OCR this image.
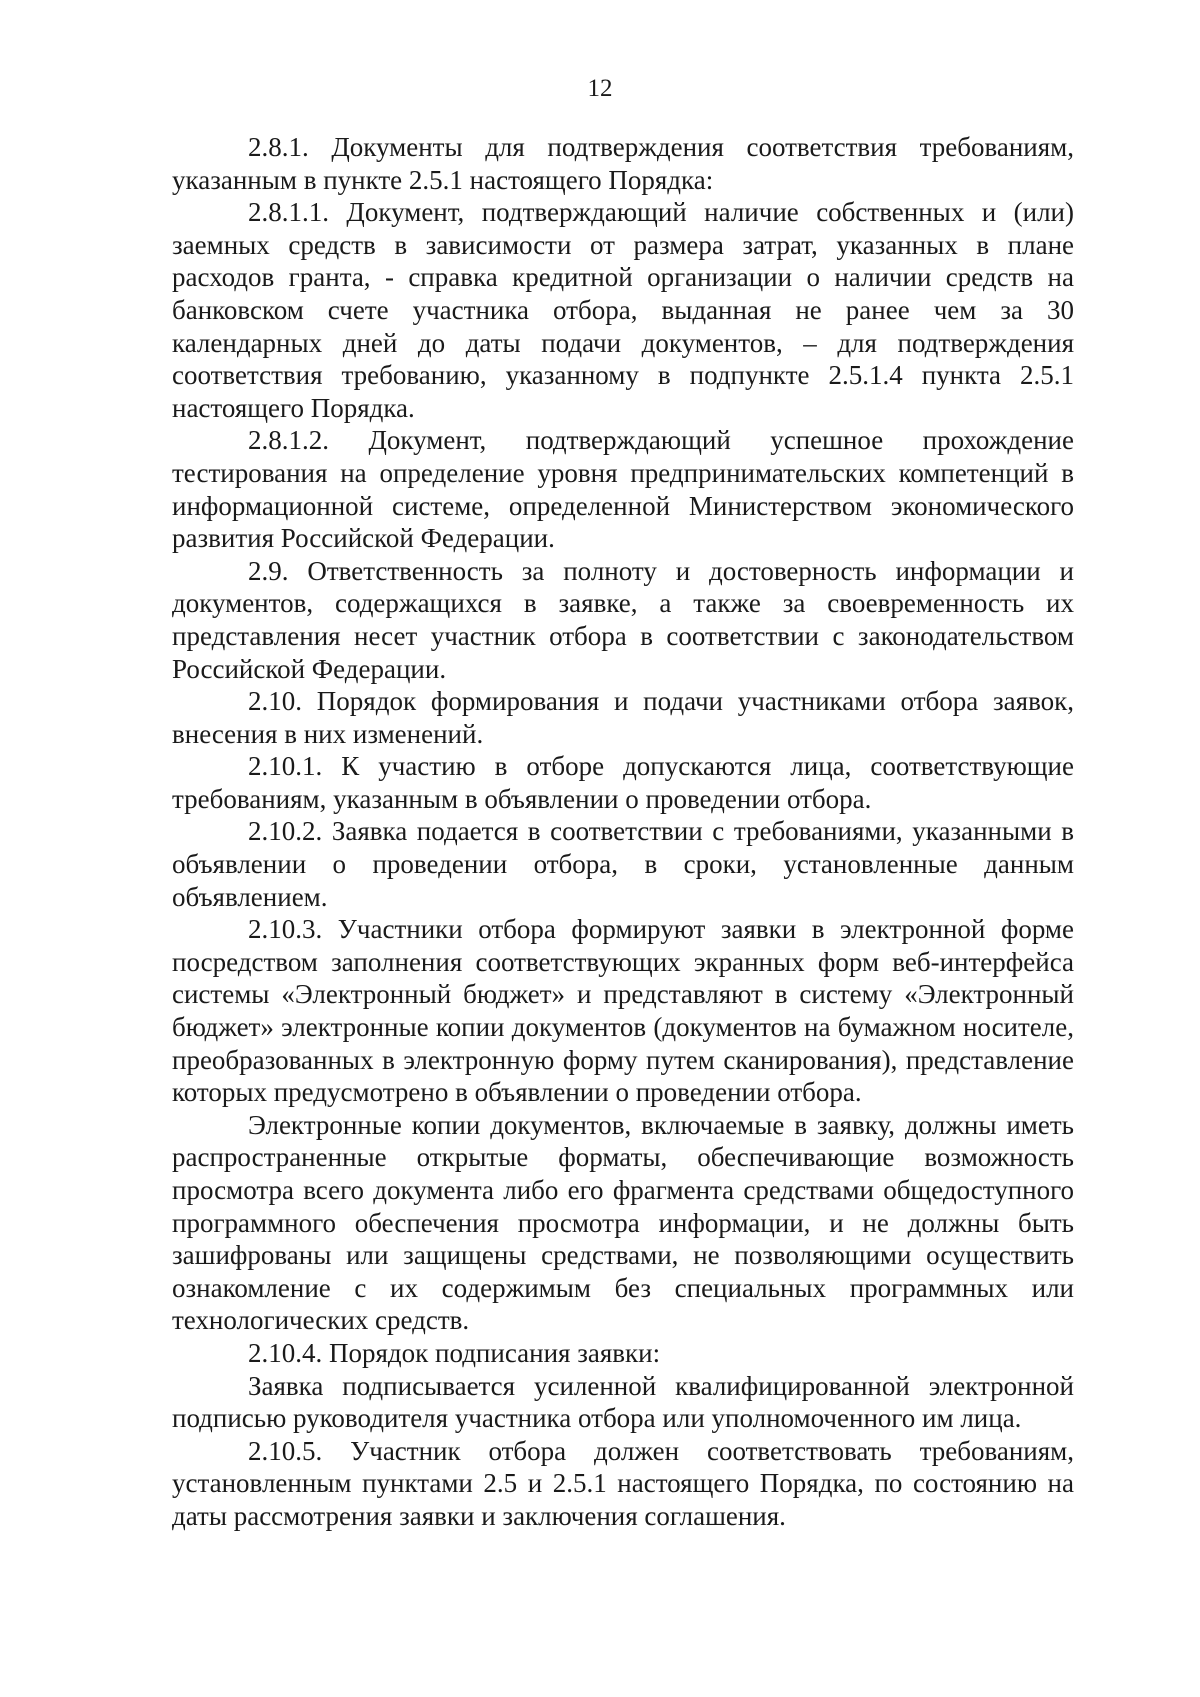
12

2.8.1. Документы для подтверждения соответствия требованиям, указанным в пункте 2.5.1 настоящего Порядка:

2.8.1.1. Документ, подтверждающий наличие собственных и (или) заемных средств в зависимости от размера затрат, указанных в плане расходов гранта, - справка кредитной организации о наличии средств на банковском счете участника отбора, выданная не ранее чем за 30 календарных дней до даты подачи документов, – для подтверждения соответствия требованию, указанному в подпункте 2.5.1.4 пункта 2.5.1 настоящего Порядка.

2.8.1.2. Документ, подтверждающий успешное прохождение тестирования на определение уровня предпринимательских компетенций в информационной системе, определенной Министерством экономического развития Российской Федерации.

2.9. Ответственность за полноту и достоверность информации и документов, содержащихся в заявке, а также за своевременность их представления несет участник отбора в соответствии с законодательством Российской Федерации.

2.10. Порядок формирования и подачи участниками отбора заявок, внесения в них изменений.

2.10.1. К участию в отборе допускаются лица, соответствующие требованиям, указанным в объявлении о проведении отбора.

2.10.2. Заявка подается в соответствии с требованиями, указанными в объявлении о проведении отбора, в сроки, установленные данным объявлением.

2.10.3. Участники отбора формируют заявки в электронной форме посредством заполнения соответствующих экранных форм веб-интерфейса системы «Электронный бюджет» и представляют в систему «Электронный бюджет» электронные копии документов (документов на бумажном носителе, преобразованных в электронную форму путем сканирования), представление которых предусмотрено в объявлении о проведении отбора.

Электронные копии документов, включаемые в заявку, должны иметь распространенные открытые форматы, обеспечивающие возможность просмотра всего документа либо его фрагмента средствами общедоступного программного обеспечения просмотра информации, и не должны быть зашифрованы или защищены средствами, не позволяющими осуществить ознакомление с их содержимым без специальных программных или технологических средств.

2.10.4. Порядок подписания заявки:

Заявка подписывается усиленной квалифицированной электронной подписью руководителя участника отбора или уполномоченного им лица.

2.10.5. Участник отбора должен соответствовать требованиям, установленным пунктами 2.5 и 2.5.1 настоящего Порядка, по состоянию на даты рассмотрения заявки и заключения соглашения.
